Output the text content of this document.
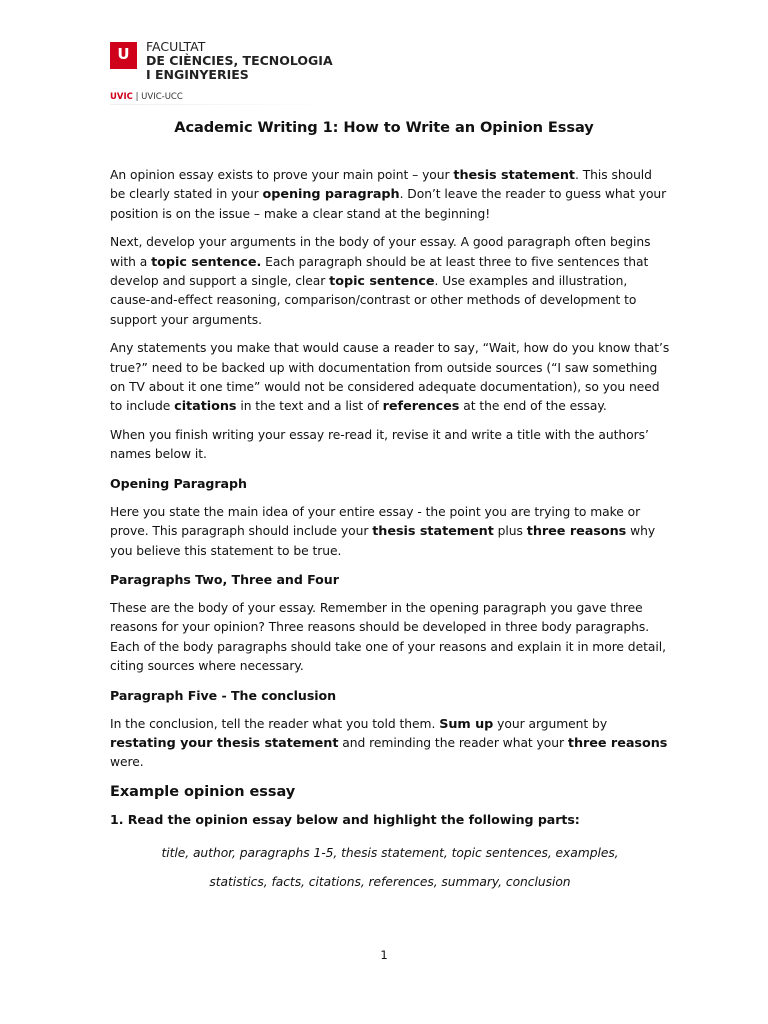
U	FACULTAT
DE CIÈNCIES, TECNOLOGIA
I ENGINYERIES
UVIC | UVIC-UCC
Academic Writing 1: How to Write an Opinion Essay

An opinion essay exists to prove your main point – your thesis statement. This should be clearly stated in your opening paragraph. Don’t leave the reader to guess what your position is on the issue – make a clear stand at the beginning!

Next, develop your arguments in the body of your essay. A good paragraph often begins with a topic sentence. Each paragraph should be at least three to five sentences that develop and support a single, clear topic sentence. Use examples and illustration, cause-and-effect reasoning, comparison/contrast or other methods of development to support your arguments.

Any statements you make that would cause a reader to say, “Wait, how do you know that’s true?” need to be backed up with documentation from outside sources (“I saw something on TV about it one time” would not be considered adequate documentation), so you need to include citations in the text and a list of references at the end of the essay.

When you finish writing your essay re-read it, revise it and write a title with the authors’ names below it.

Opening Paragraph

Here you state the main idea of your entire essay - the point you are trying to make or prove. This paragraph should include your thesis statement plus three reasons why you believe this statement to be true.

Paragraphs Two, Three and Four

These are the body of your essay. Remember in the opening paragraph you gave three reasons for your opinion? Three reasons should be developed in three body paragraphs. Each of the body paragraphs should take one of your reasons and explain it in more detail, citing sources where necessary.

Paragraph Five - The conclusion

In the conclusion, tell the reader what you told them. Sum up your argument by restating your thesis statement and reminding the reader what your three reasons were.

Example opinion essay
1. Read the opinion essay below and highlight the following parts:

title, author, paragraphs 1-5, thesis statement, topic sentences, examples,

statistics, facts, citations, references, summary, conclusion

1
